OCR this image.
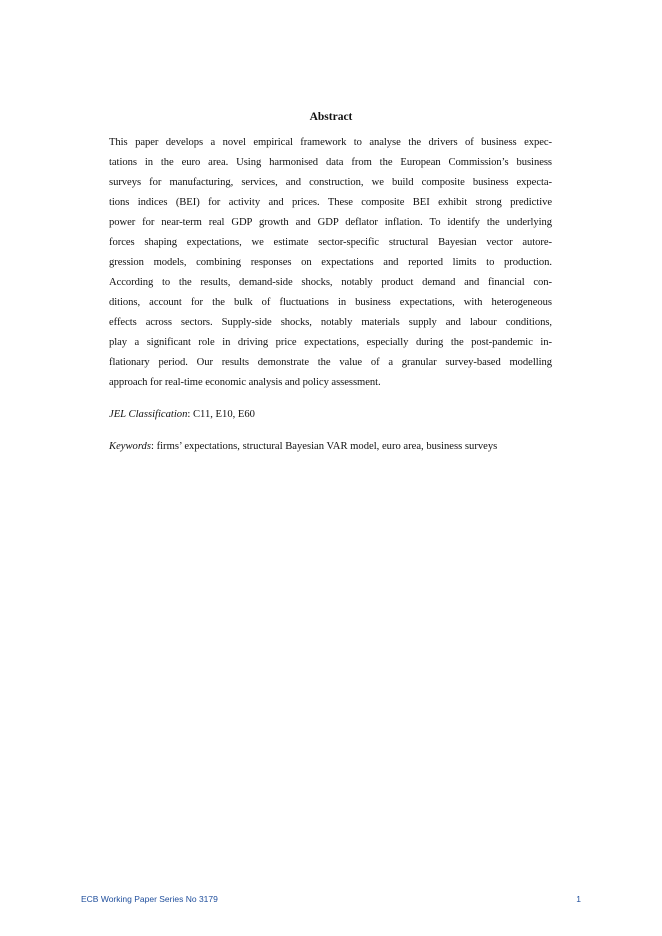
Abstract
This paper develops a novel empirical framework to analyse the drivers of business expec-
tations in the euro area. Using harmonised data from the European Commission’s business
surveys for manufacturing, services, and construction, we build composite business expecta-
tions indices (BEI) for activity and prices. These composite BEI exhibit strong predictive
power for near-term real GDP growth and GDP deflator inflation. To identify the underlying
forces shaping expectations, we estimate sector-specific structural Bayesian vector autore-
gression models, combining responses on expectations and reported limits to production.
According to the results, demand-side shocks, notably product demand and financial con-
ditions, account for the bulk of fluctuations in business expectations, with heterogeneous
effects across sectors. Supply-side shocks, notably materials supply and labour conditions,
play a significant role in driving price expectations, especially during the post-pandemic in-
flationary period. Our results demonstrate the value of a granular survey-based modelling
approach for real-time economic analysis and policy assessment.

JEL Classification: C11, E10, E60

Keywords: firms’ expectations, structural Bayesian VAR model, euro area, business surveys

ECB Working Paper Series No 3179	1
